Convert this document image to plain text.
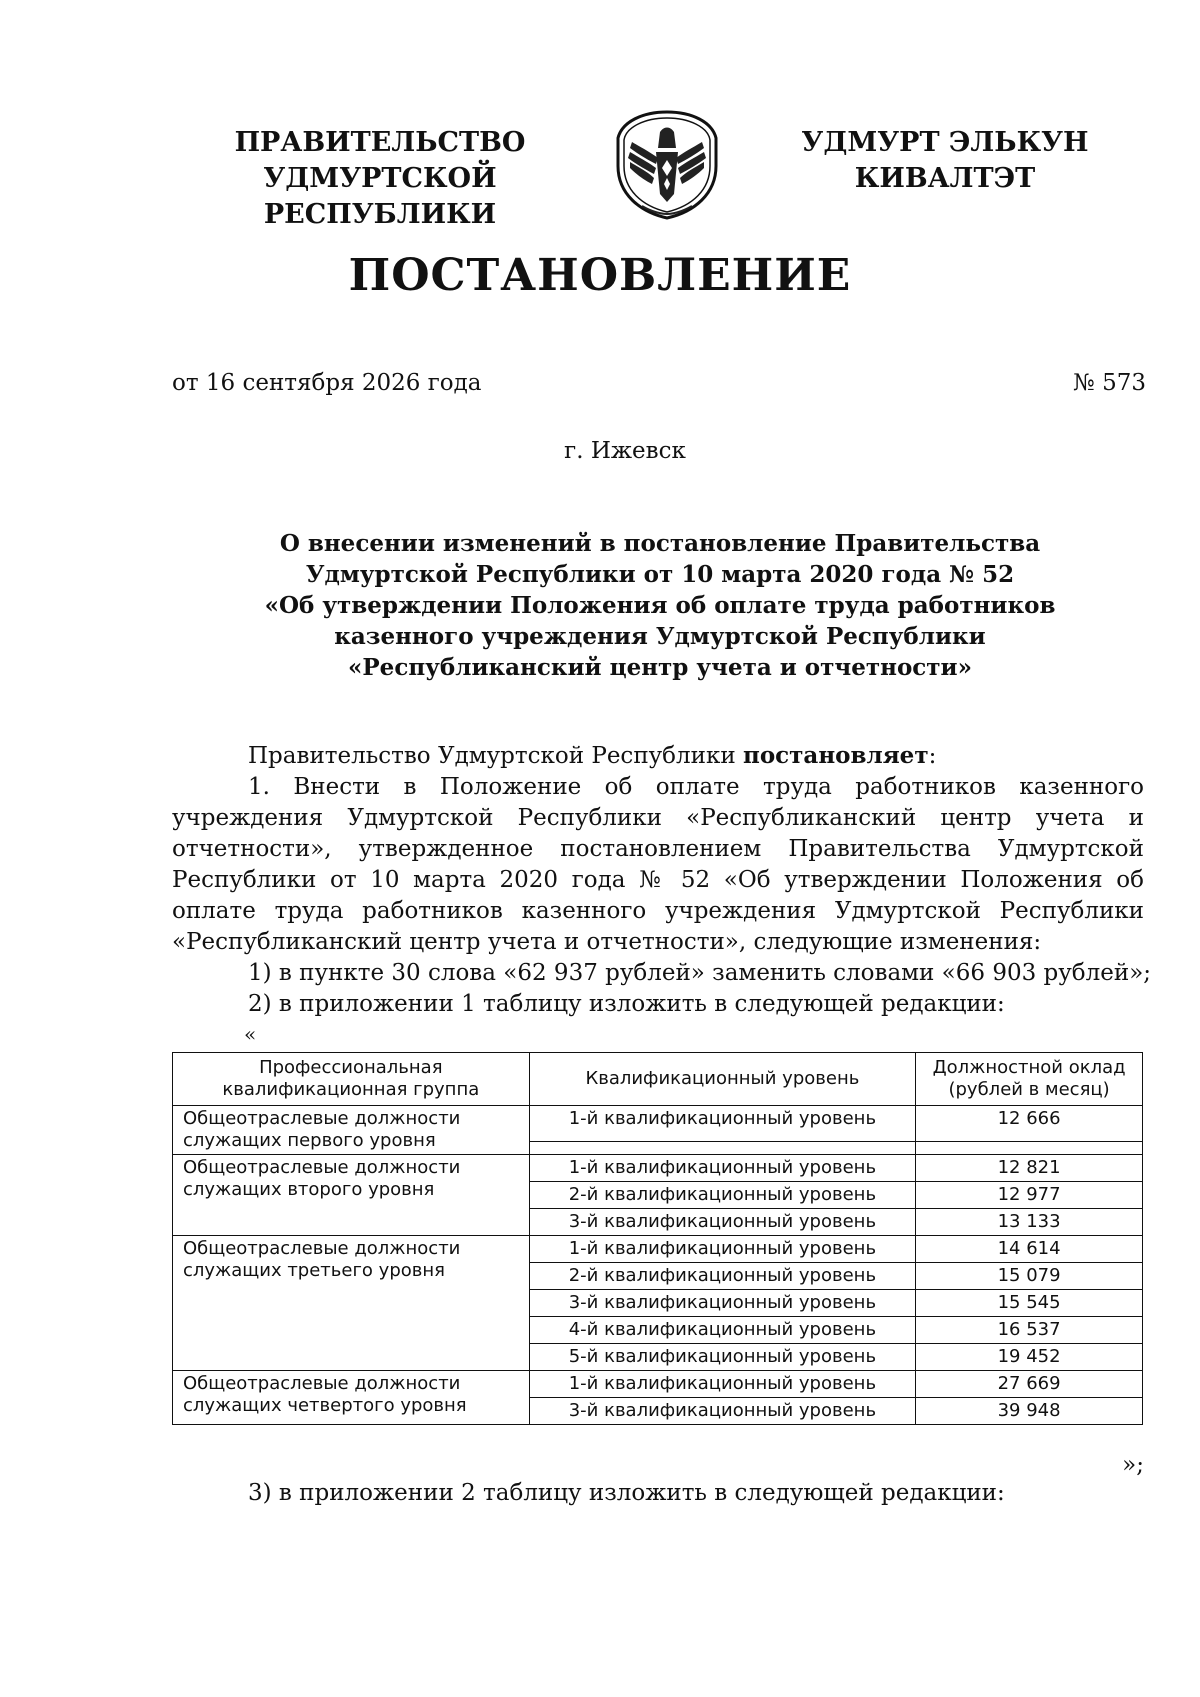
ПРАВИТЕЛЬСТВО
УДМУРТСКОЙ РЕСПУБЛИКИ
УДМУРТ ЭЛЬКУН
КИВАЛТЭТ
ПОСТАНОВЛЕНИЕ
от 16 сентября 2026 года	№ 573
г. Ижевск
О внесении изменений в постановление Правительства
Удмуртской Республики от 10 марта 2020 года № 52
«Об утверждении Положения об оплате труда работников
казенного учреждения Удмуртской Республики
«Республиканский центр учета и отчетности»

Правительство Удмуртской Республики постановляет:

1. Внести в Положение об оплате труда работников казенного учреждения Удмуртской Республики «Республиканский центр учета и отчетности», утвержденное постановлением Правительства Удмуртской Республики от 10 марта 2020 года № 52 «Об утверждении Положения об оплате труда работников казенного учреждения Удмуртской Республики «Республиканский центр учета и отчетности», следующие изменения:

1) в пункте 30 слова «62 937 рублей» заменить словами «66 903 рублей»;

2) в приложении 1 таблицу изложить в следующей редакции:

«
Профессиональная квалификационная группа	Квалификационный уровень	Должностной оклад (рублей в месяц)
Общеотраслевые должности служащих первого уровня	1-й квалификационный уровень	12 666

Общеотраслевые должности служащих второго уровня	1-й квалификационный уровень	12 821
	2-й квалификационный уровень	12 977
	3-й квалификационный уровень	13 133
Общеотраслевые должности служащих третьего уровня	1-й квалификационный уровень	14 614
	2-й квалификационный уровень	15 079
	3-й квалификационный уровень	15 545
	4-й квалификационный уровень	16 537
	5-й квалификационный уровень	19 452
Общеотраслевые должности служащих четвертого уровня	1-й квалификационный уровень	27 669
	3-й квалификационный уровень	39 948
»;
3) в приложении 2 таблицу изложить в следующей редакции:
